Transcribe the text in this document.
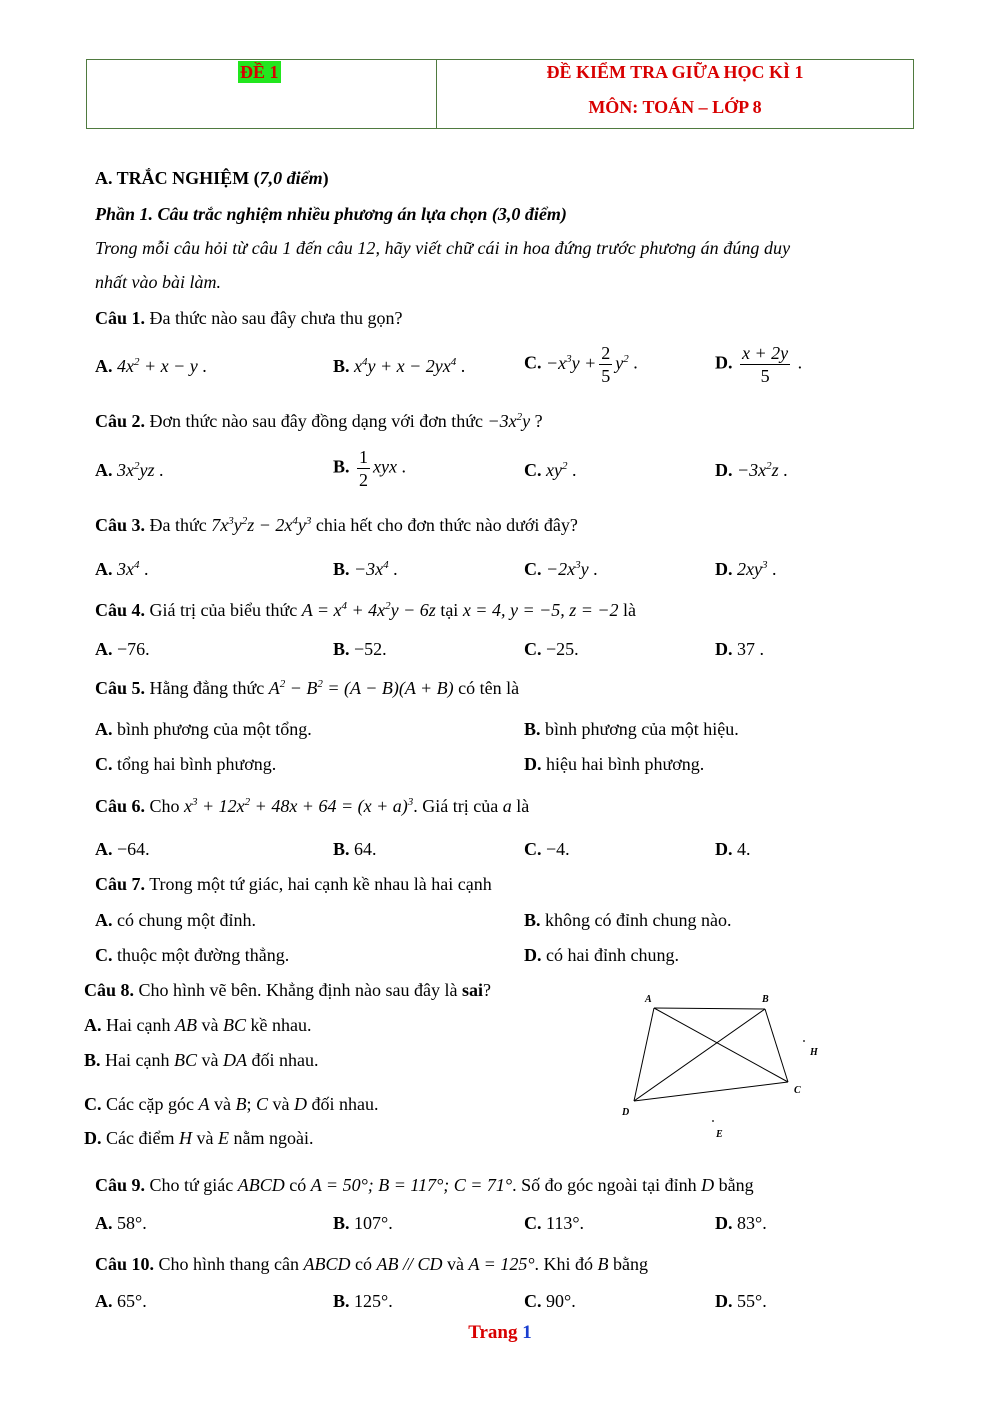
ĐỀ 1	ĐỀ KIỂM TRA GIỮA HỌC KÌ 1
MÔN: TOÁN – LỚP 8
A. TRẮC NGHIỆM (7,0 điểm)
Phần 1. Câu trắc nghiệm nhiều phương án lựa chọn (3,0 điểm)
Trong mỗi câu hỏi từ câu 1 đến câu 12, hãy viết chữ cái in hoa đứng trước phương án đúng duy
nhất vào bài làm.
Câu 1. Đa thức nào sau đây chưa thu gọn?
A. $4x^2 + x - y$ .	B. $x^4y + x - 2yx^4$ .	C. $-x^3y + \frac{2}{5} y^2$ .	D. $\frac{x + 2y}{5}$ .
Câu 2. Đơn thức nào sau đây đồng dạng với đơn thức $-3x^2y$ ?
A. $3x^2yz$ .	B. $\frac{1}{2}$ xyx .	C. $xy^2$ .	D. $-3x^2z$ .
Câu 3. Đa thức $7x^3y^2z - 2x^4y^3$ chia hết cho đơn thức nào dưới đây?
A. $3x^4$ .	B. $-3x^4$ .	C. $-2x^3y$ .	D. $2xy^3$ .
Câu 4. Giá trị của biểu thức $A = x^4 + 4x^2y - 6z$ tại x = 4, y = −5, z = −2 là
A. −76.	B. −52.	C. −25.	D. 37 .
Câu 5. Hằng đẳng thức $A^2 - B^2 = (A - B)(A + B)$ có tên là
A. bình phương của một tổng.	B. bình phương của một hiệu.
C. tổng hai bình phương.	D. hiệu hai bình phương.
Câu 6. Cho $x^3 + 12x^2 + 48x + 64 = (x + a)^3$. Giá trị của a là
A. −64.	B. 64.	C. −4.	D. 4.
Câu 7. Trong một tứ giác, hai cạnh kề nhau là hai cạnh
A. có chung một đỉnh.	B. không có đỉnh chung nào.
C. thuộc một đường thẳng.	D. có hai đỉnh chung.
Câu 8. Cho hình vẽ bên. Khẳng định nào sau đây là sai?
A. Hai cạnh AB và BC kề nhau.
B. Hai cạnh BC và DA đối nhau.
C. Các cặp góc A và B; C và D đối nhau.
D. Các điểm H và E nằm ngoài.
A	B
C
D
H
E
Câu 9. Cho tứ giác ABCD có A = 50°; B = 117°; C = 71°. Số đo góc ngoài tại đỉnh D bằng
A. 58°.	B. 107°.	C. 113°.	D. 83°.
Câu 10. Cho hình thang cân ABCD có AB // CD và A = 125°. Khi đó B bằng
A. 65°.	B. 125°.	C. 90°.	D. 55°.
Trang 1
